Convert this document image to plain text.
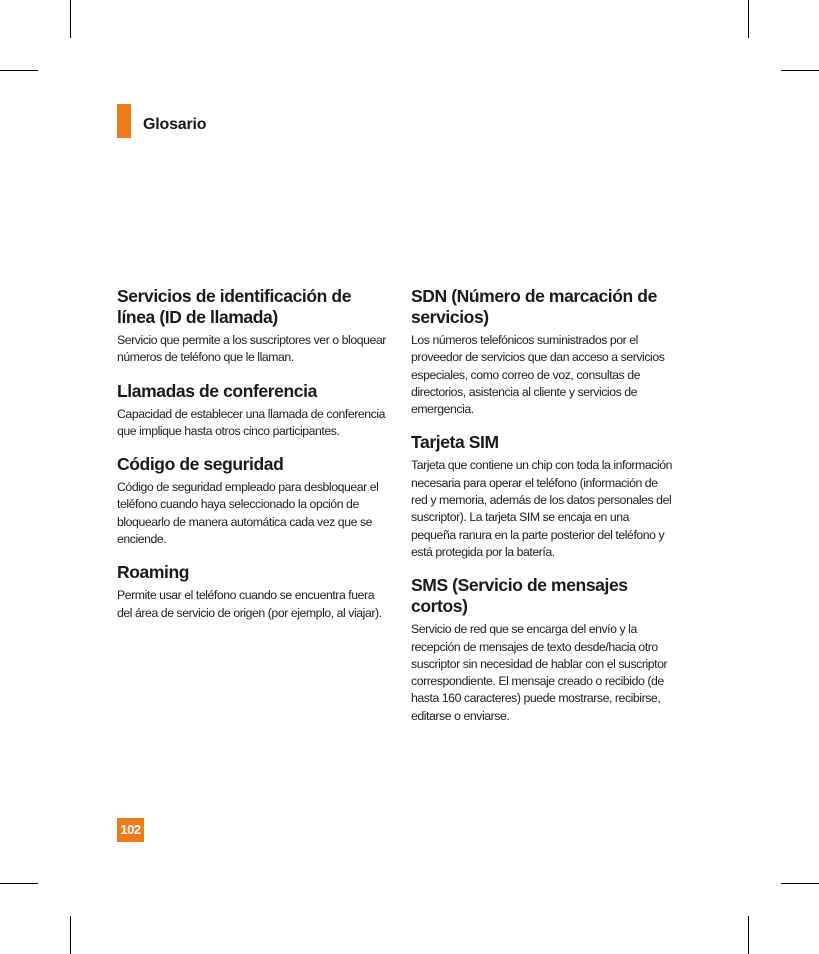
Glosario
Servicios de identificación de línea (ID de llamada)

Servicio que permite a los suscriptores ver o bloquear números de teléfono que le llaman.

Llamadas de conferencia

Capacidad de establecer una llamada de conferencia que implique hasta otros cinco participantes.

Código de seguridad

Código de seguridad empleado para desbloquear el teléfono cuando haya seleccionado la opción de bloquearlo de manera automática cada vez que se enciende.

Roaming

Permite usar el teléfono cuando se encuentra fuera del área de servicio de origen (por ejemplo, al viajar).

SDN (Número de marcación de servicios)

Los números telefónicos suministrados por el proveedor de servicios que dan acceso a servicios especiales, como correo de voz, consultas de directorios, asistencia al cliente y servicios de emergencia.

Tarjeta SIM

Tarjeta que contiene un chip con toda la información necesaria para operar el teléfono (información de red y memoria, además de los datos personales del suscriptor). La tarjeta SIM se encaja en una pequeña ranura en la parte posterior del teléfono y está protegida por la batería.

SMS (Servicio de mensajes cortos)

Servicio de red que se encarga del envío y la recepción de mensajes de texto desde/hacia otro suscriptor sin necesidad de hablar con el suscriptor correspondiente. El mensaje creado o recibido (de hasta 160 caracteres) puede mostrarse, recibirse, editarse o enviarse.

102
